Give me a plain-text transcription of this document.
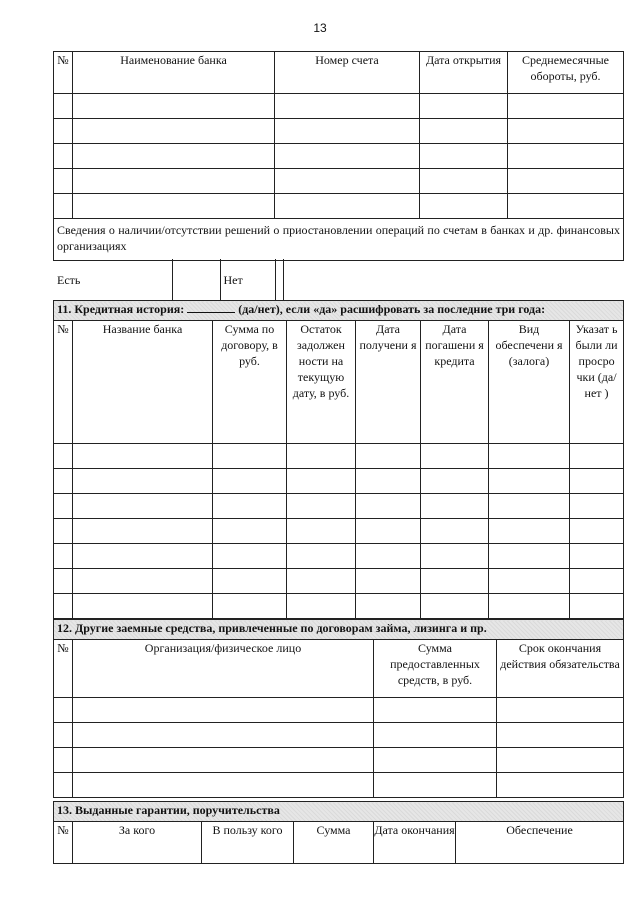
13
№	Наименование банка	Номер счета	Дата открытия	Среднемесячные обороты, руб.

Сведения о наличии/отсутствии решений о приостановлении операций по счетам в банках и др. финансовых организациях				
Есть		Нет	
11. Кредитная история: (да/нет), если «да» расшифровать за последние три года:							
№	Название банка	Сумма по договору, в руб.	Остаток задолжен ности на текущую дату, в руб.	Дата получени я	Дата погашени я кредита	Вид обеспечени я (залога)	Указат ь были ли просро чки (да/нет )

12. Другие заемные средства, привлеченные по договорам займа, лизинга и пр.			
№	Организация/физическое лицо	Сумма предоставленных средств, в руб.	Срок окончания действия обязательства

13. Выданные гарантии, поручительства
№	За кого	В пользу кого	Сумма	Дата окончания	Обеспечение
